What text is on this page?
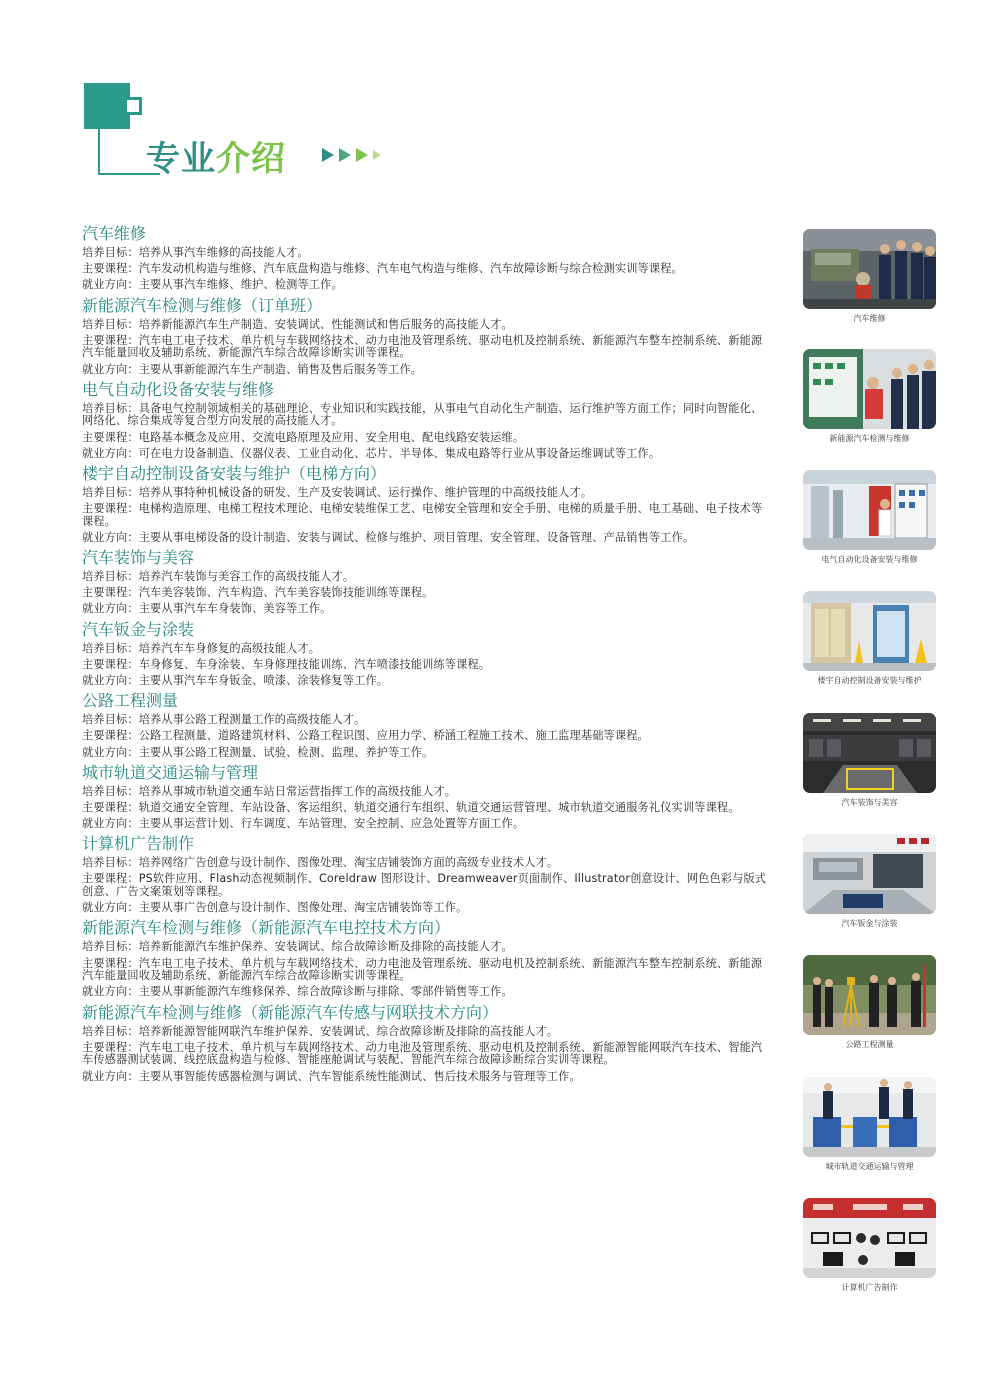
专业介绍
汽车维修
培养目标：培养从事汽车维修的高技能人才。
主要课程：汽车发动机构造与维修、汽车底盘构造与维修、汽车电气构造与维修、汽车故障诊断与综合检测实训等课程。
就业方向：主要从事汽车维修、维护、检测等工作。
新能源汽车检测与维修（订单班）
培养目标：培养新能源汽车生产制造、安装调试、性能测试和售后服务的高技能人才。
主要课程：汽车电工电子技术、单片机与车载网络技术、动力电池及管理系统、驱动电机及控制系统、新能源汽车整车控制系统、新能源汽车能量回收及辅助系统、新能源汽车综合故障诊断实训等课程。
就业方向：主要从事新能源汽车生产制造、销售及售后服务等工作。
电气自动化设备安装与维修
培养目标：具备电气控制领域相关的基础理论、专业知识和实践技能，从事电气自动化生产制造、运行维护等方面工作；同时向智能化、网络化、综合集成等复合型方向发展的高技能人才。
主要课程：电路基本概念及应用、交流电路原理及应用、安全用电、配电线路安装运维。
就业方向：可在电力设备制造、仪器仪表、工业自动化、芯片、半导体、集成电路等行业从事设备运维调试等工作。
楼宇自动控制设备安装与维护（电梯方向）
培养目标：培养从事特种机械设备的研发、生产及安装调试、运行操作、维护管理的中高级技能人才。
主要课程：电梯构造原理、电梯工程技术理论、电梯安装维保工艺、电梯安全管理和安全手册、电梯的质量手册、电工基础、电子技术等课程。
就业方向：主要从事电梯设备的设计制造、安装与调试、检修与维护、项目管理、安全管理、设备管理、产品销售等工作。
汽车装饰与美容
培养目标：培养汽车装饰与美容工作的高级技能人才。
主要课程：汽车美容装饰、汽车构造、汽车美容装饰技能训练等课程。
就业方向：主要从事汽车车身装饰、美容等工作。
汽车钣金与涂装
培养目标：培养汽车车身修复的高级技能人才。
主要课程：车身修复、车身涂装、车身修理技能训练、汽车喷漆技能训练等课程。
就业方向：主要从事汽车车身钣金、喷漆、涂装修复等工作。
公路工程测量
培养目标：培养从事公路工程测量工作的高级技能人才。
主要课程：公路工程测量、道路建筑材料、公路工程识图、应用力学、桥涵工程施工技术、施工监理基础等课程。
就业方向：主要从事公路工程测量、试验、检测、监理、养护等工作。
城市轨道交通运输与管理
培养目标：培养从事城市轨道交通车站日常运营指挥工作的高级技能人才。
主要课程：轨道交通安全管理、车站设备、客运组织、轨道交通行车组织、轨道交通运营管理、城市轨道交通服务礼仪实训等课程。
就业方向：主要从事运营计划、行车调度、车站管理、安全控制、应急处置等方面工作。
计算机广告制作
培养目标：培养网络广告创意与设计制作、图像处理、淘宝店铺装饰方面的高级专业技术人才。
主要课程：PS软件应用、Flash动态视频制作、Coreldraw 图形设计、Dreamweaver页面制作、Illustrator创意设计、网色色彩与版式创意、广告文案策划等课程。
就业方向：主要从事广告创意与设计制作、图像处理、淘宝店铺装饰等工作。
新能源汽车检测与维修（新能源汽车电控技术方向）
培养目标：培养新能源汽车维护保养、安装调试、综合故障诊断及排除的高技能人才。
主要课程：汽车电工电子技术、单片机与车载网络技术、动力电池及管理系统、驱动电机及控制系统、新能源汽车整车控制系统、新能源汽车能量回收及辅助系统、新能源汽车综合故障诊断实训等课程。
就业方向：主要从事新能源汽车维修保养、综合故障诊断与排除、零部件销售等工作。
新能源汽车检测与维修（新能源汽车传感与网联技术方向）
培养目标：培养新能源智能网联汽车维护保养、安装调试、综合故障诊断及排除的高技能人才。
主要课程：汽车电工电子技术、单片机与车载网络技术、动力电池及管理系统、驱动电机及控制系统、新能源智能网联汽车技术、智能汽车传感器测试装调、线控底盘构造与检修、智能座舱调试与装配、智能汽车综合故障诊断综合实训等课程。
就业方向：主要从事智能传感器检测与调试、汽车智能系统性能测试、售后技术服务与管理等工作。
汽车维修
新能源汽车检测与维修
电气自动化设备安装与维修
楼宇自动控制设备安装与维护
汽车装饰与美容
汽车钣金与涂装
公路工程测量
城市轨道交通运输与管理
计算机广告制作
